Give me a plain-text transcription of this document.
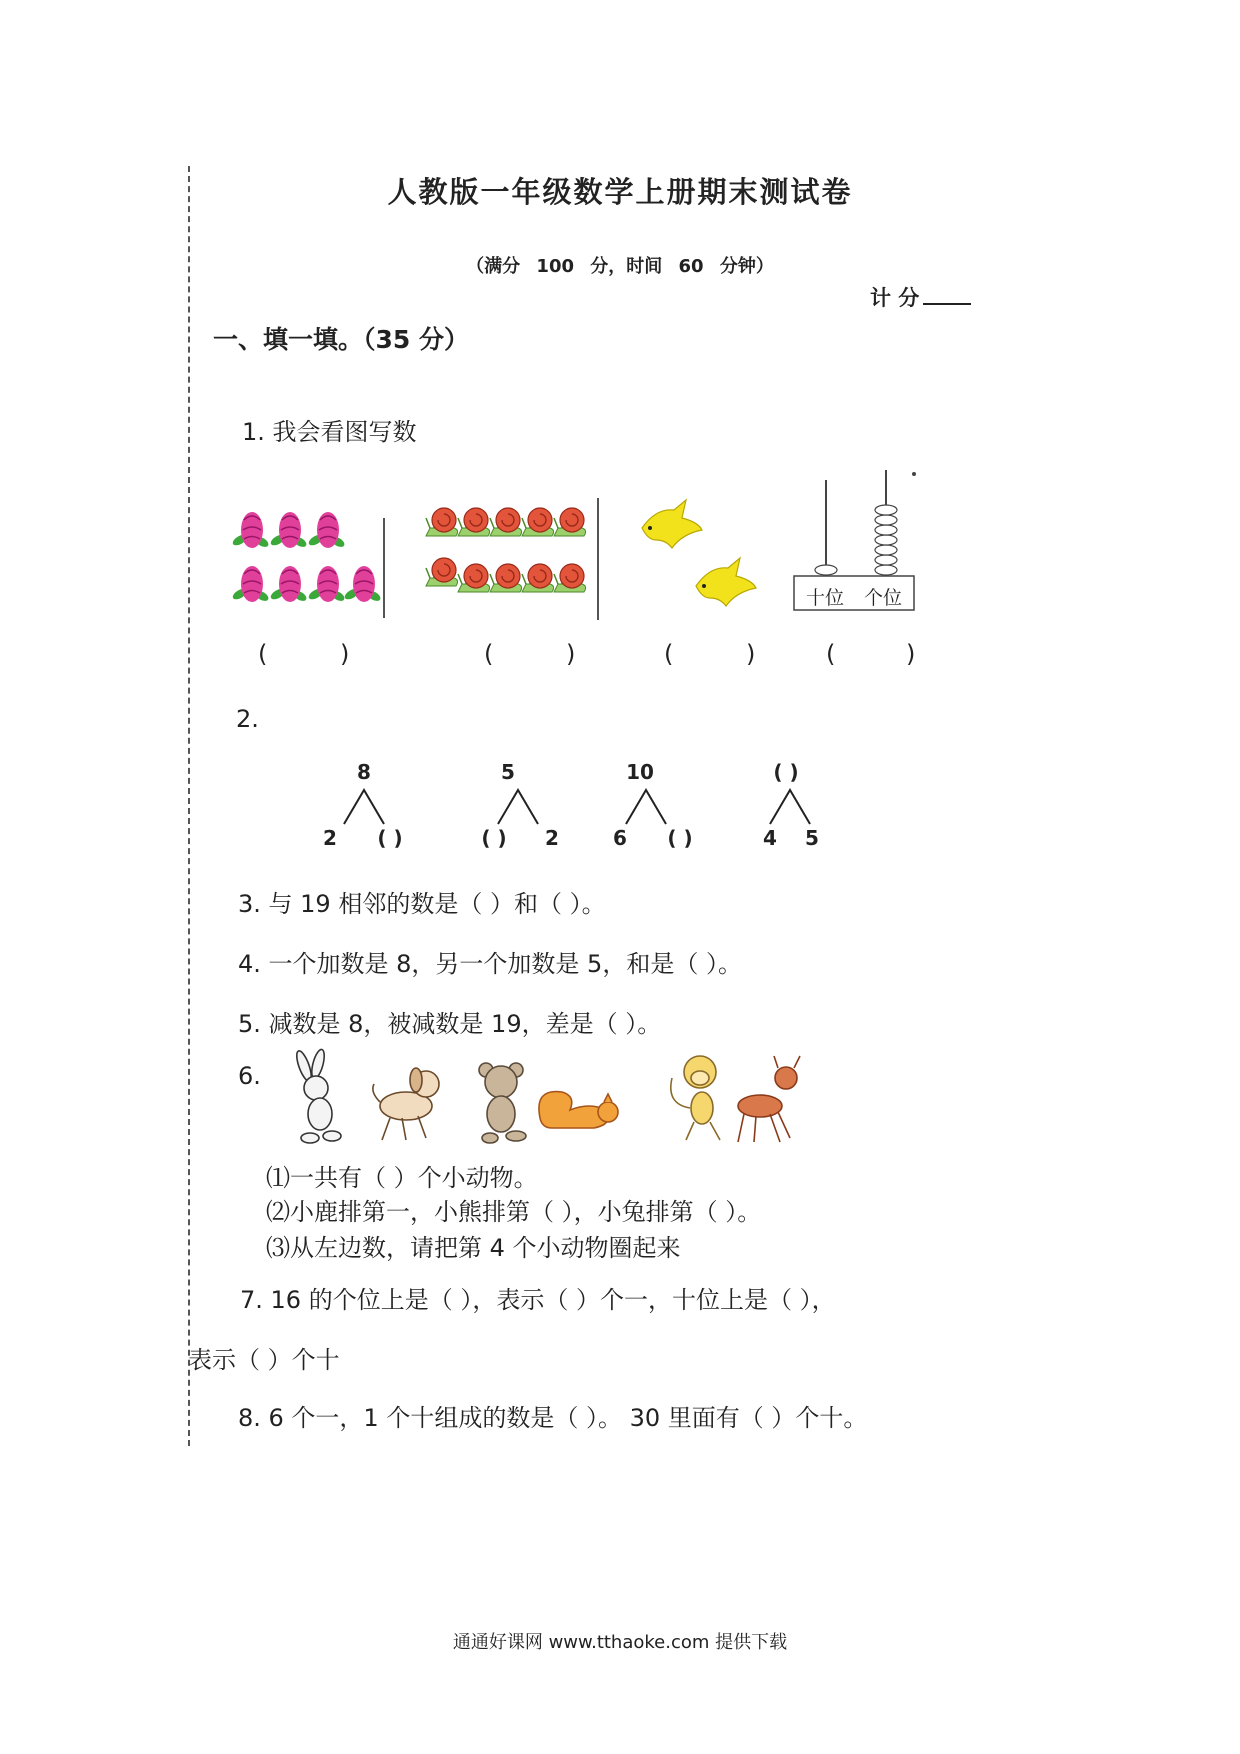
人教版一年级数学上册期末测试卷
（满分 100 分，时间 60 分钟）
计 分
一、填一填。（35 分）
1. 我会看图写数
十位 个位
(	)	(	)	(	)	(	)
2.
8
2	( )
5
( )	2
10
6	( )
( )
4	5
3. 与 19 相邻的数是（ ）和（ ）。
4. 一个加数是 8，另一个加数是 5，和是（ ）。
5. 减数是 8，被减数是 19，差是（ ）。
6.
⑴一共有（ ）个小动物。
⑵小鹿排第一，小熊排第（ ），小兔排第（ ）。
⑶从左边数，请把第 4 个小动物圈起来
7. 16 的个位上是（ ），表示（ ）个一，十位上是（ ），
表示（ ）个十
8. 6 个一，1 个十组成的数是（ ）。 30 里面有（ ）个十。
通通好课网 www.tthaoke.com 提供下载
